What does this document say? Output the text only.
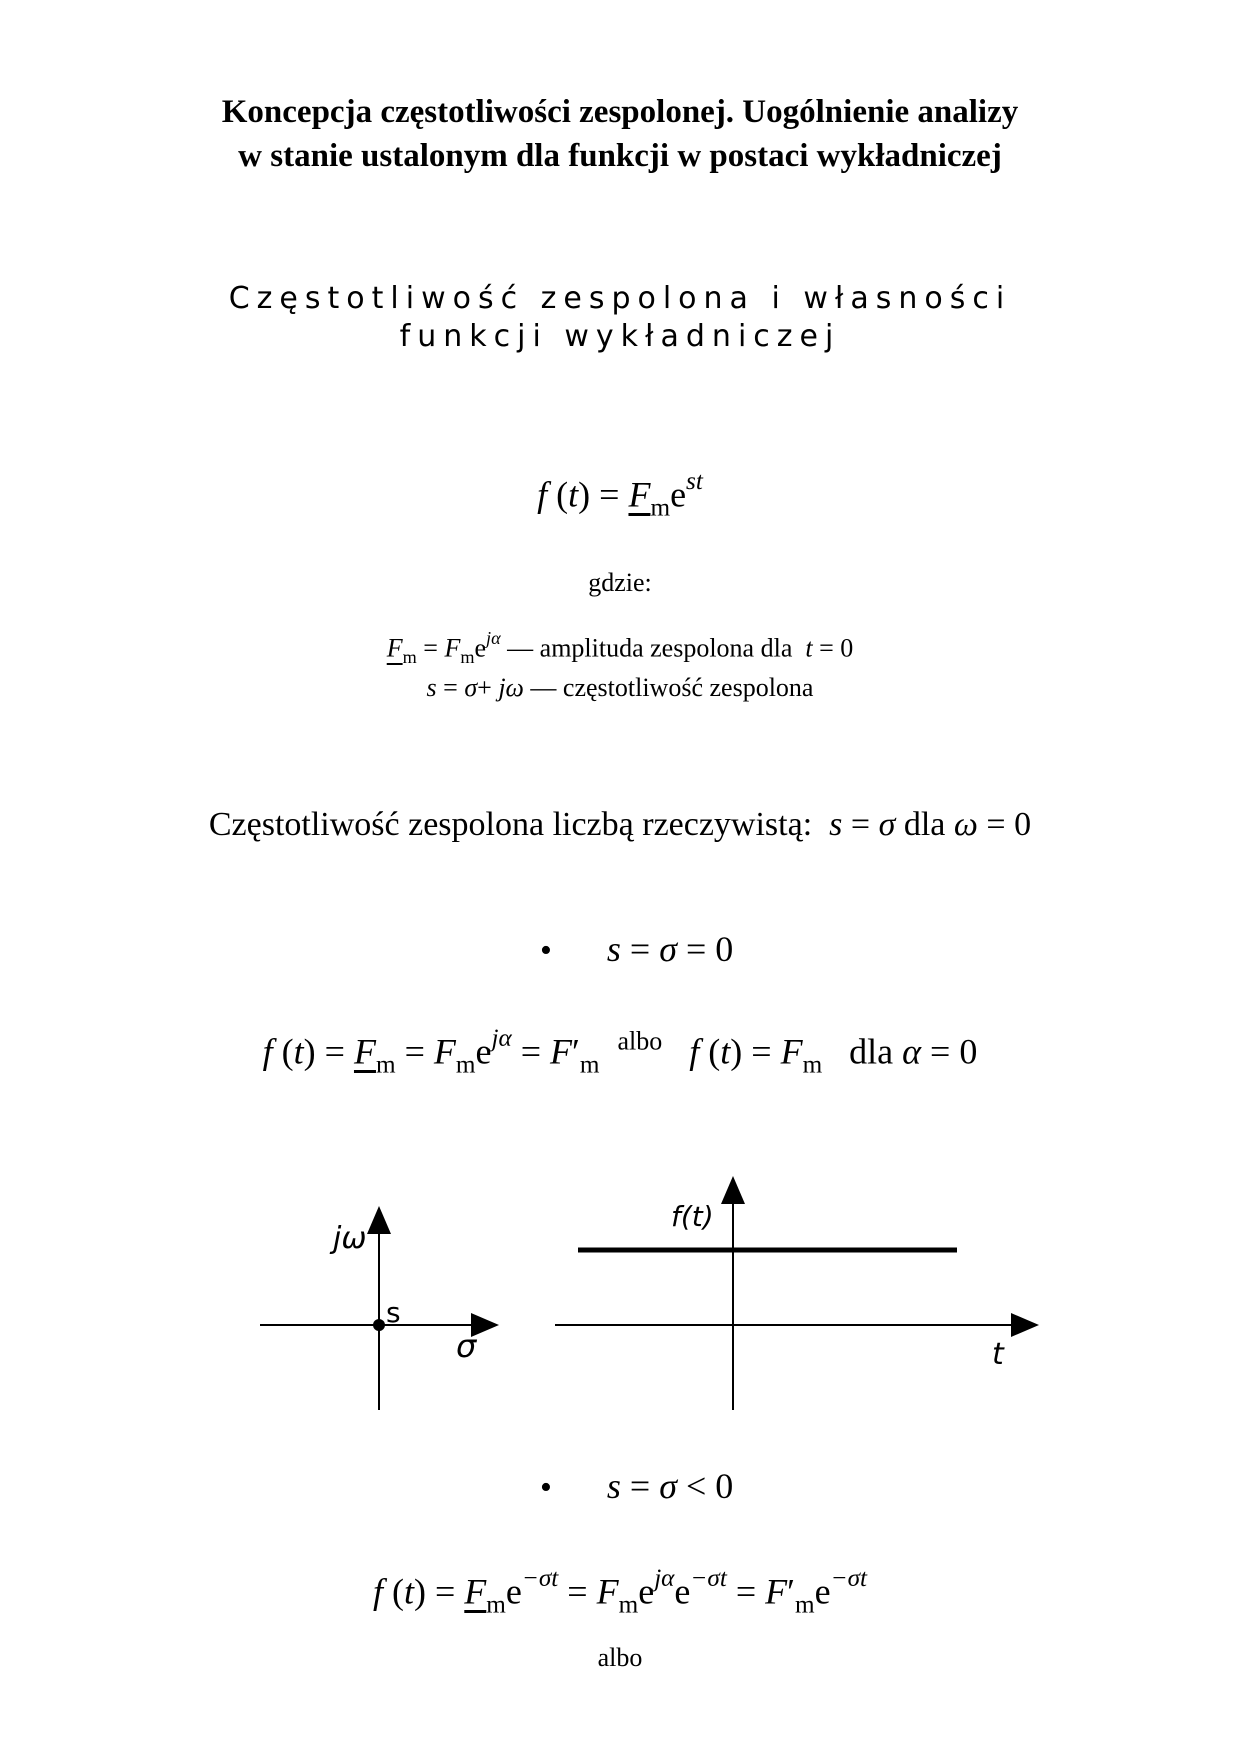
Koncepcja częstotliwości zespolonej. Uogólnienie analizy
w stanie ustalonym dla funkcji w postaci wykładniczej
Częstotliwość zespolona i własności
funkcji wykładniczej
f $(t) = F_me^{st}$
gdzie:
$F_m = F_me^{j\alpha}$ — amplituda zespolona dla t = 0
s = σ+ jω — częstotliwość zespolona
Częstotliwość zespolona liczbą rzeczywistą: s = σ dla ω = 0
• s = σ = 0
f $(t) = F_m = F_me^{j\alpha} = F'_m$  $^{albo}$ f $(t) = F_m$ dla α = 0
jω
σ
s
f(t)
t
• s = σ < 0
f $(t) = F_me^{-\sigma t} = F_me^{j\alpha}e^{-\sigma t} = F'_me^{-\sigma t}$
albo
